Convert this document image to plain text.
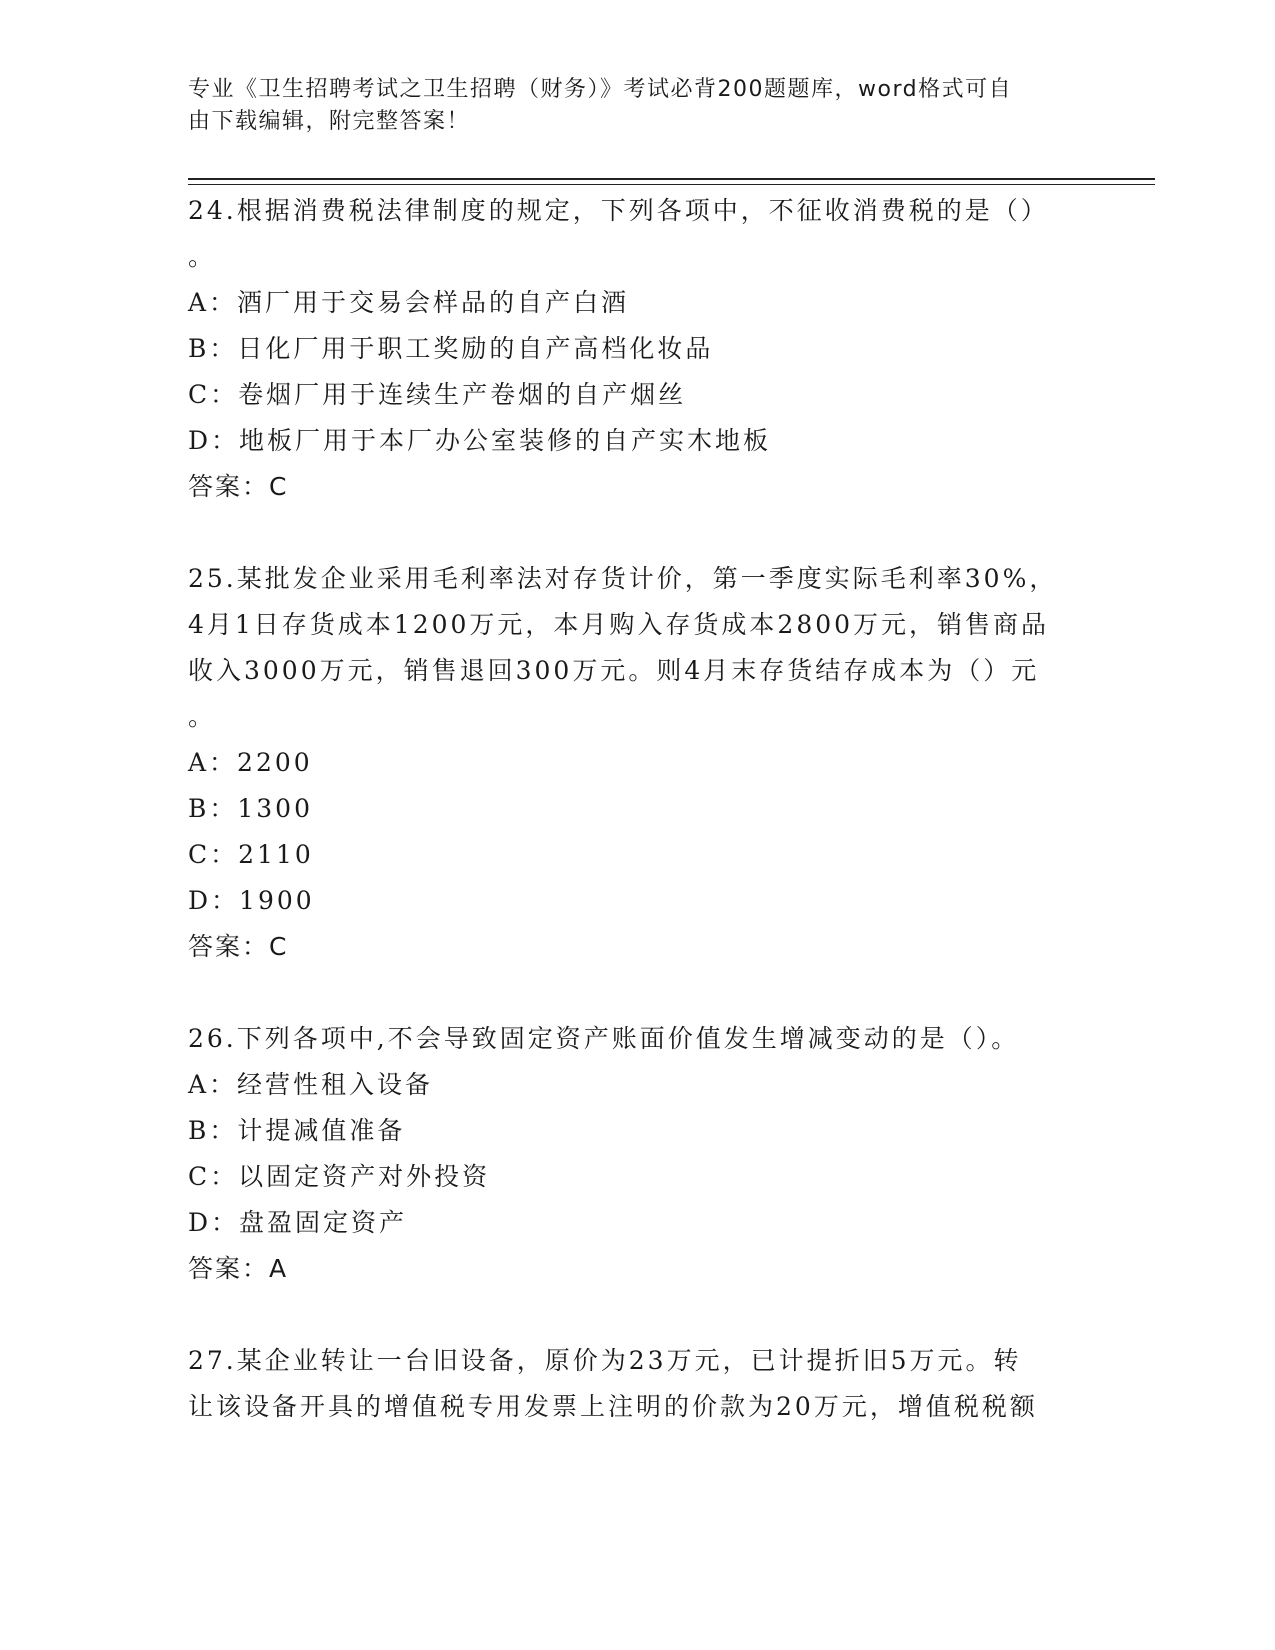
专业《卫生招聘考试之卫生招聘（财务）》考试必背200题题库，word格式可自
由下载编辑，附完整答案！

24.根据消费税法律制度的规定，下列各项中，不征收消费税的是（）

。

A：酒厂用于交易会样品的自产白酒

B：日化厂用于职工奖励的自产高档化妆品

C：卷烟厂用于连续生产卷烟的自产烟丝

D：地板厂用于本厂办公室装修的自产实木地板

答案：C

25.某批发企业采用毛利率法对存货计价，第一季度实际毛利率30%，

4月1日存货成本1200万元，本月购入存货成本2800万元，销售商品

收入3000万元，销售退回300万元。则4月末存货结存成本为（）元

。

A：2200

B：1300

C：2110

D：1900

答案：C

26.下列各项中,不会导致固定资产账面价值发生增减变动的是（）。

A：经营性租入设备

B：计提减值准备

C：以固定资产对外投资

D：盘盈固定资产

答案：A

27.某企业转让一台旧设备，原价为23万元，已计提折旧5万元。转

让该设备开具的增值税专用发票上注明的价款为20万元，增值税税额
